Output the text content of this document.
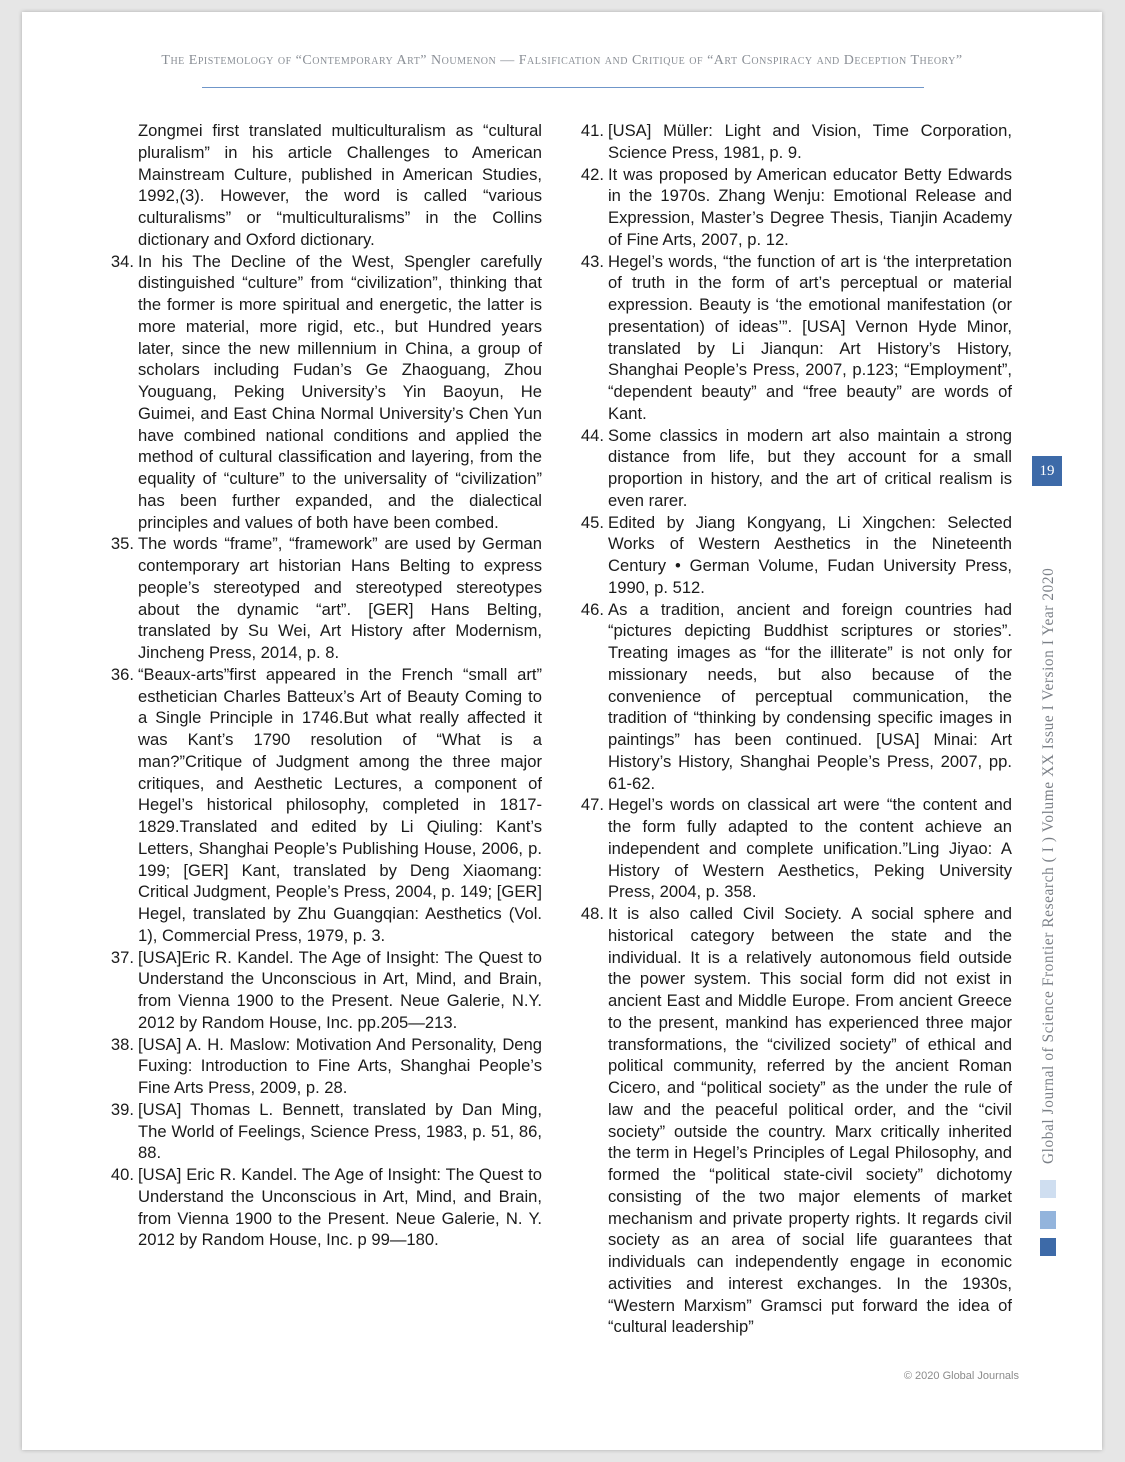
The Epistemology of “Contemporary Art” Noumenon — Falsification and Critique of “Art Conspiracy and Deception Theory”
Zongmei first translated multiculturalism as “cultural pluralism” in his article Challenges to American Mainstream Culture, published in American Studies, 1992,(3). However, the word is called “various culturalisms” or “multiculturalisms” in the Collins dictionary and Oxford dictionary.
34. In his The Decline of the West, Spengler carefully distinguished “culture” from “civilization”, thinking that the former is more spiritual and energetic, the latter is more material, more rigid, etc., but Hundred years later, since the new millennium in China, a group of scholars including Fudan’s Ge Zhaoguang, Zhou Youguang, Peking University’s Yin Baoyun, He Guimei, and East China Normal University’s Chen Yun have combined national conditions and applied the method of cultural classification and layering, from the equality of “culture” to the universality of “civilization” has been further expanded, and the dialectical principles and values of both have been combed.
35. The words “frame”, “framework” are used by German contemporary art historian Hans Belting to express people’s stereotyped and stereotyped stereotypes about the dynamic “art”. [GER] Hans Belting, translated by Su Wei, Art History after Modernism, Jincheng Press, 2014, p. 8.
36. “Beaux-arts”first appeared in the French “small art” esthetician Charles Batteux’s Art of Beauty Coming to a Single Principle in 1746.But what really affected it was Kant’s 1790 resolution of “What is a man?”Critique of Judgment among the three major critiques, and Aesthetic Lectures, a component of Hegel’s historical philosophy, completed in 1817-1829.Translated and edited by Li Qiuling: Kant’s Letters, Shanghai People’s Publishing House, 2006, p. 199; [GER] Kant, translated by Deng Xiaomang: Critical Judgment, People’s Press, 2004, p. 149; [GER] Hegel, translated by Zhu Guangqian: Aesthetics (Vol. 1), Commercial Press, 1979, p. 3.
37. [USA]Eric R. Kandel. The Age of Insight: The Quest to Understand the Unconscious in Art, Mind, and Brain, from Vienna 1900 to the Present. Neue Galerie, N.Y. 2012 by Random House, Inc. pp.205—213.
38. [USA] A. H. Maslow: Motivation And Personality, Deng Fuxing: Introduction to Fine Arts, Shanghai People’s Fine Arts Press, 2009, p. 28.
39. [USA] Thomas L. Bennett, translated by Dan Ming, The World of Feelings, Science Press, 1983, p. 51, 86, 88.
40. [USA] Eric R. Kandel. The Age of Insight: The Quest to Understand the Unconscious in Art, Mind, and Brain, from Vienna 1900 to the Present. Neue Galerie, N. Y. 2012 by Random House, Inc. p 99—180.
41. [USA] Müller: Light and Vision, Time Corporation, Science Press, 1981, p. 9.
42. It was proposed by American educator Betty Edwards in the 1970s. Zhang Wenju: Emotional Release and Expression, Master’s Degree Thesis, Tianjin Academy of Fine Arts, 2007, p. 12.
43. Hegel’s words, “the function of art is ‘the interpretation of truth in the form of art’s perceptual or material expression. Beauty is ‘the emotional manifestation (or presentation) of ideas’”. [USA] Vernon Hyde Minor, translated by Li Jianqun: Art History’s History, Shanghai People’s Press, 2007, p.123; “Employment”, “dependent beauty” and “free beauty” are words of Kant.
44. Some classics in modern art also maintain a strong distance from life, but they account for a small proportion in history, and the art of critical realism is even rarer.
45. Edited by Jiang Kongyang, Li Xingchen: Selected Works of Western Aesthetics in the Nineteenth Century • German Volume, Fudan University Press, 1990, p. 512.
46. As a tradition, ancient and foreign countries had “pictures depicting Buddhist scriptures or stories”. Treating images as “for the illiterate” is not only for missionary needs, but also because of the convenience of perceptual communication, the tradition of “thinking by condensing specific images in paintings” has been continued. [USA] Minai: Art History’s History, Shanghai People’s Press, 2007, pp. 61-62.
47. Hegel’s words on classical art were “the content and the form fully adapted to the content achieve an independent and complete unification.”Ling Jiyao: A History of Western Aesthetics, Peking University Press, 2004, p. 358.
48. It is also called Civil Society. A social sphere and historical category between the state and the individual. It is a relatively autonomous field outside the power system. This social form did not exist in ancient East and Middle Europe. From ancient Greece to the present, mankind has experienced three major transformations, the “civilized society” of ethical and political community, referred by the ancient Roman Cicero, and “political society” as the under the rule of law and the peaceful political order, and the “civil society” outside the country. Marx critically inherited the term in Hegel’s Principles of Legal Philosophy, and formed the “political state-civil society” dichotomy consisting of the two major elements of market mechanism and private property rights. It regards civil society as an area of social life guarantees that individuals can independently engage in economic activities and interest exchanges. In the 1930s, “Western Marxism” Gramsci put forward the idea of “cultural leadership”
Global Journal of Science Frontier Research ( I ) Volume XX Issue I Version I Year 2020
19
© 2020 Global Journals
